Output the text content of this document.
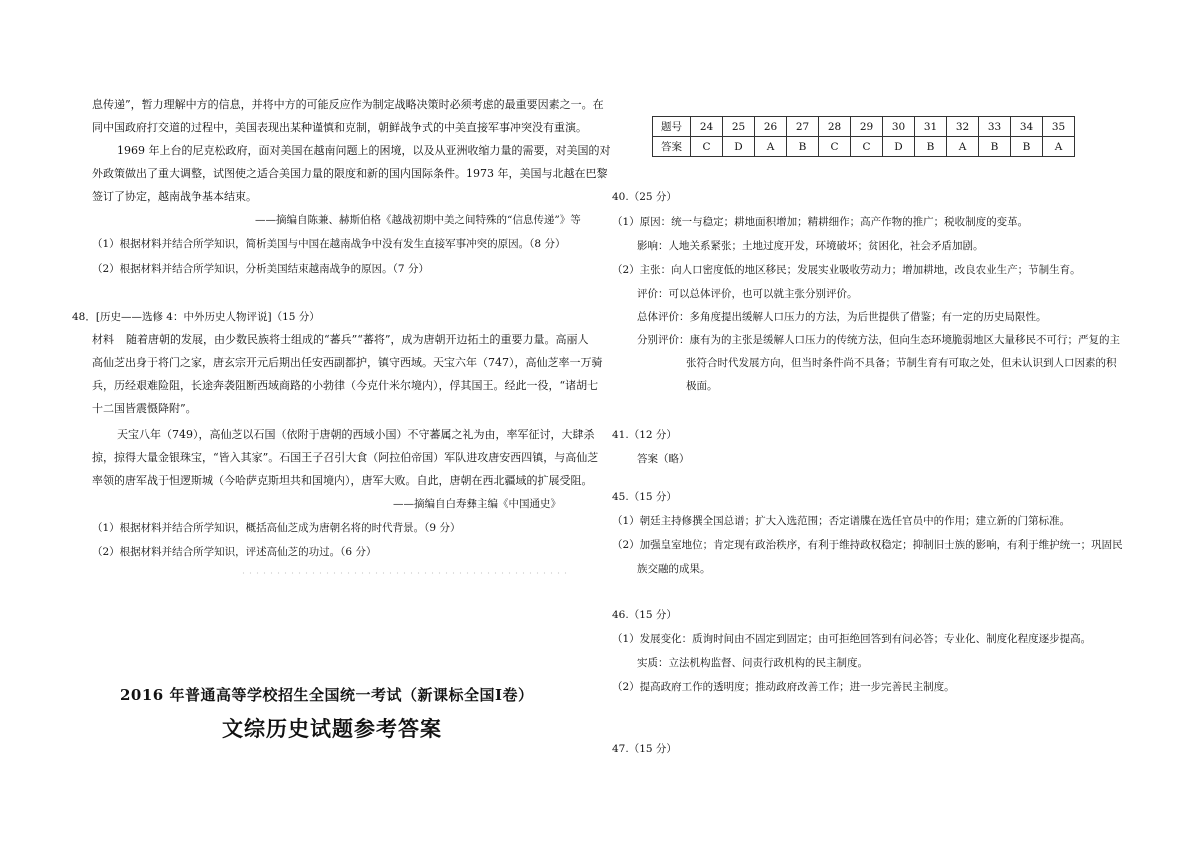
息传递”，暂力理解中方的信息，并将中方的可能反应作为制定战略决策时必须考虑的最重要因素之一。在
同中国政府打交道的过程中，美国表现出某种谨慎和克制，朝鲜战争式的中美直接军事冲突没有重演。
1969 年上台的尼克松政府，面对美国在越南问题上的困境，以及从亚洲收缩力量的需要，对美国的对
外政策做出了重大调整，试图使之适合美国力量的限度和新的国内国际条件。1973 年，美国与北越在巴黎
签订了协定，越南战争基本结束。
——摘编自陈兼、赫斯伯格《越战初期中美之间特殊的“信息传递”》等
（1）根据材料并结合所学知识，简析美国与中国在越南战争中没有发生直接军事冲突的原因。（8 分）
（2）根据材料并结合所学知识，分析美国结束越南战争的原因。（7 分）
48．[历史——选修 4：中外历史人物评说]（15 分）
材料 随着唐朝的发展，由少数民族将士组成的“蕃兵”“蕃将”，成为唐朝开边拓土的重要力量。高丽人
高仙芝出身于将门之家，唐玄宗开元后期出任安西副都护，镇守西域。天宝六年（747），高仙芝率一万骑
兵，历经艰难险阻，长途奔袭阻断西域商路的小勃律（今克什米尔境内），俘其国王。经此一役，“诸胡七
十二国皆震慑降附”。
天宝八年（749），高仙芝以石国（依附于唐朝的西域小国）不守蕃属之礼为由，率军征讨，大肆杀
掠，掠得大量金银珠宝，“皆入其家”。石国王子召引大食（阿拉伯帝国）军队进攻唐安西四镇，与高仙芝
率领的唐军战于怛逻斯城（今哈萨克斯坦共和国境内），唐军大败。自此，唐朝在西北疆域的扩展受阻。
——摘编自白寿彝主编《中国通史》
（1）根据材料并结合所学知识，概括高仙芝成为唐朝名将的时代背景。（9 分）
（2）根据材料并结合所学知识，评述高仙芝的功过。（6 分）
2016 年普通高等学校招生全国统一考试（新课标全国Ⅰ卷）
文综历史试题参考答案
题号	24	25	26	27	28	29	30	31	32	33	34	35
答案	C	D	A	B	C	C	D	B	A	B	B	A
40.（25 分）
（1）原因：统一与稳定；耕地面积增加；精耕细作；高产作物的推广；税收制度的变革。
影响：人地关系紧张；土地过度开发，环境破坏；贫困化，社会矛盾加剧。
（2）主张：向人口密度低的地区移民；发展实业吸收劳动力；增加耕地，改良农业生产；节制生育。
评价：可以总体评价，也可以就主张分别评价。
总体评价：多角度提出缓解人口压力的方法，为后世提供了借鉴；有一定的历史局限性。
分别评价：康有为的主张是缓解人口压力的传统方法，但向生态环境脆弱地区大量移民不可行；严复的主
张符合时代发展方向，但当时条件尚不具备；节制生育有可取之处，但未认识到人口因素的积
极面。
41.（12 分）
答案（略）
45.（15 分）
（1）朝廷主持修撰全国总谱；扩大入选范围；否定谱牒在选任官员中的作用；建立新的门第标准。
（2）加强皇室地位；肯定现有政治秩序，有利于维持政权稳定；抑制旧士族的影响，有利于维护统一；巩固民
族交融的成果。
46.（15 分）
（1）发展变化：质询时间由不固定到固定；由可拒绝回答到有问必答；专业化、制度化程度逐步提高。
实质：立法机构监督、问责行政机构的民主制度。
（2）提高政府工作的透明度；推动政府改善工作；进一步完善民主制度。
47.（15 分）
